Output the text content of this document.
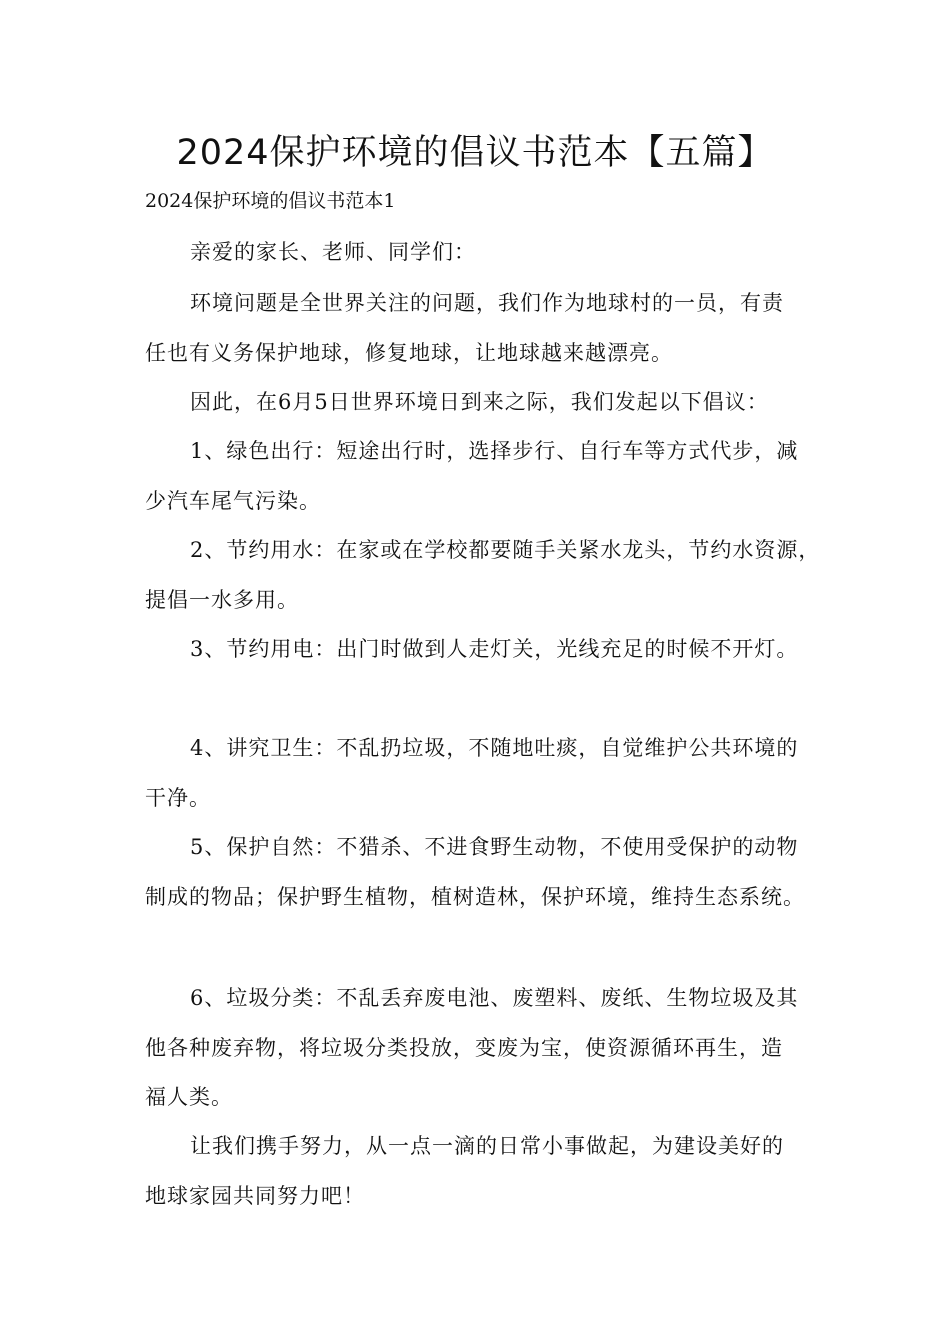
2024保护环境的倡议书范本【五篇】
2024保护环境的倡议书范本1
亲爱的家长、老师、同学们：
环境问题是全世界关注的问题，我们作为地球村的一员，有责
任也有义务保护地球，修复地球，让地球越来越漂亮。
因此，在6月5日世界环境日到来之际，我们发起以下倡议：
1、绿色出行：短途出行时，选择步行、自行车等方式代步，减
少汽车尾气污染。
2、节约用水：在家或在学校都要随手关紧水龙头，节约水资源，
提倡一水多用。
3、节约用电：出门时做到人走灯关，光线充足的时候不开灯。
4、讲究卫生：不乱扔垃圾，不随地吐痰，自觉维护公共环境的
干净。
5、保护自然：不猎杀、不进食野生动物，不使用受保护的动物
制成的物品；保护野生植物，植树造林，保护环境，维持生态系统。
6、垃圾分类：不乱丢弃废电池、废塑料、废纸、生物垃圾及其
他各种废弃物，将垃圾分类投放，变废为宝，使资源循环再生，造
福人类。
让我们携手努力，从一点一滴的日常小事做起，为建设美好的
地球家园共同努力吧！
